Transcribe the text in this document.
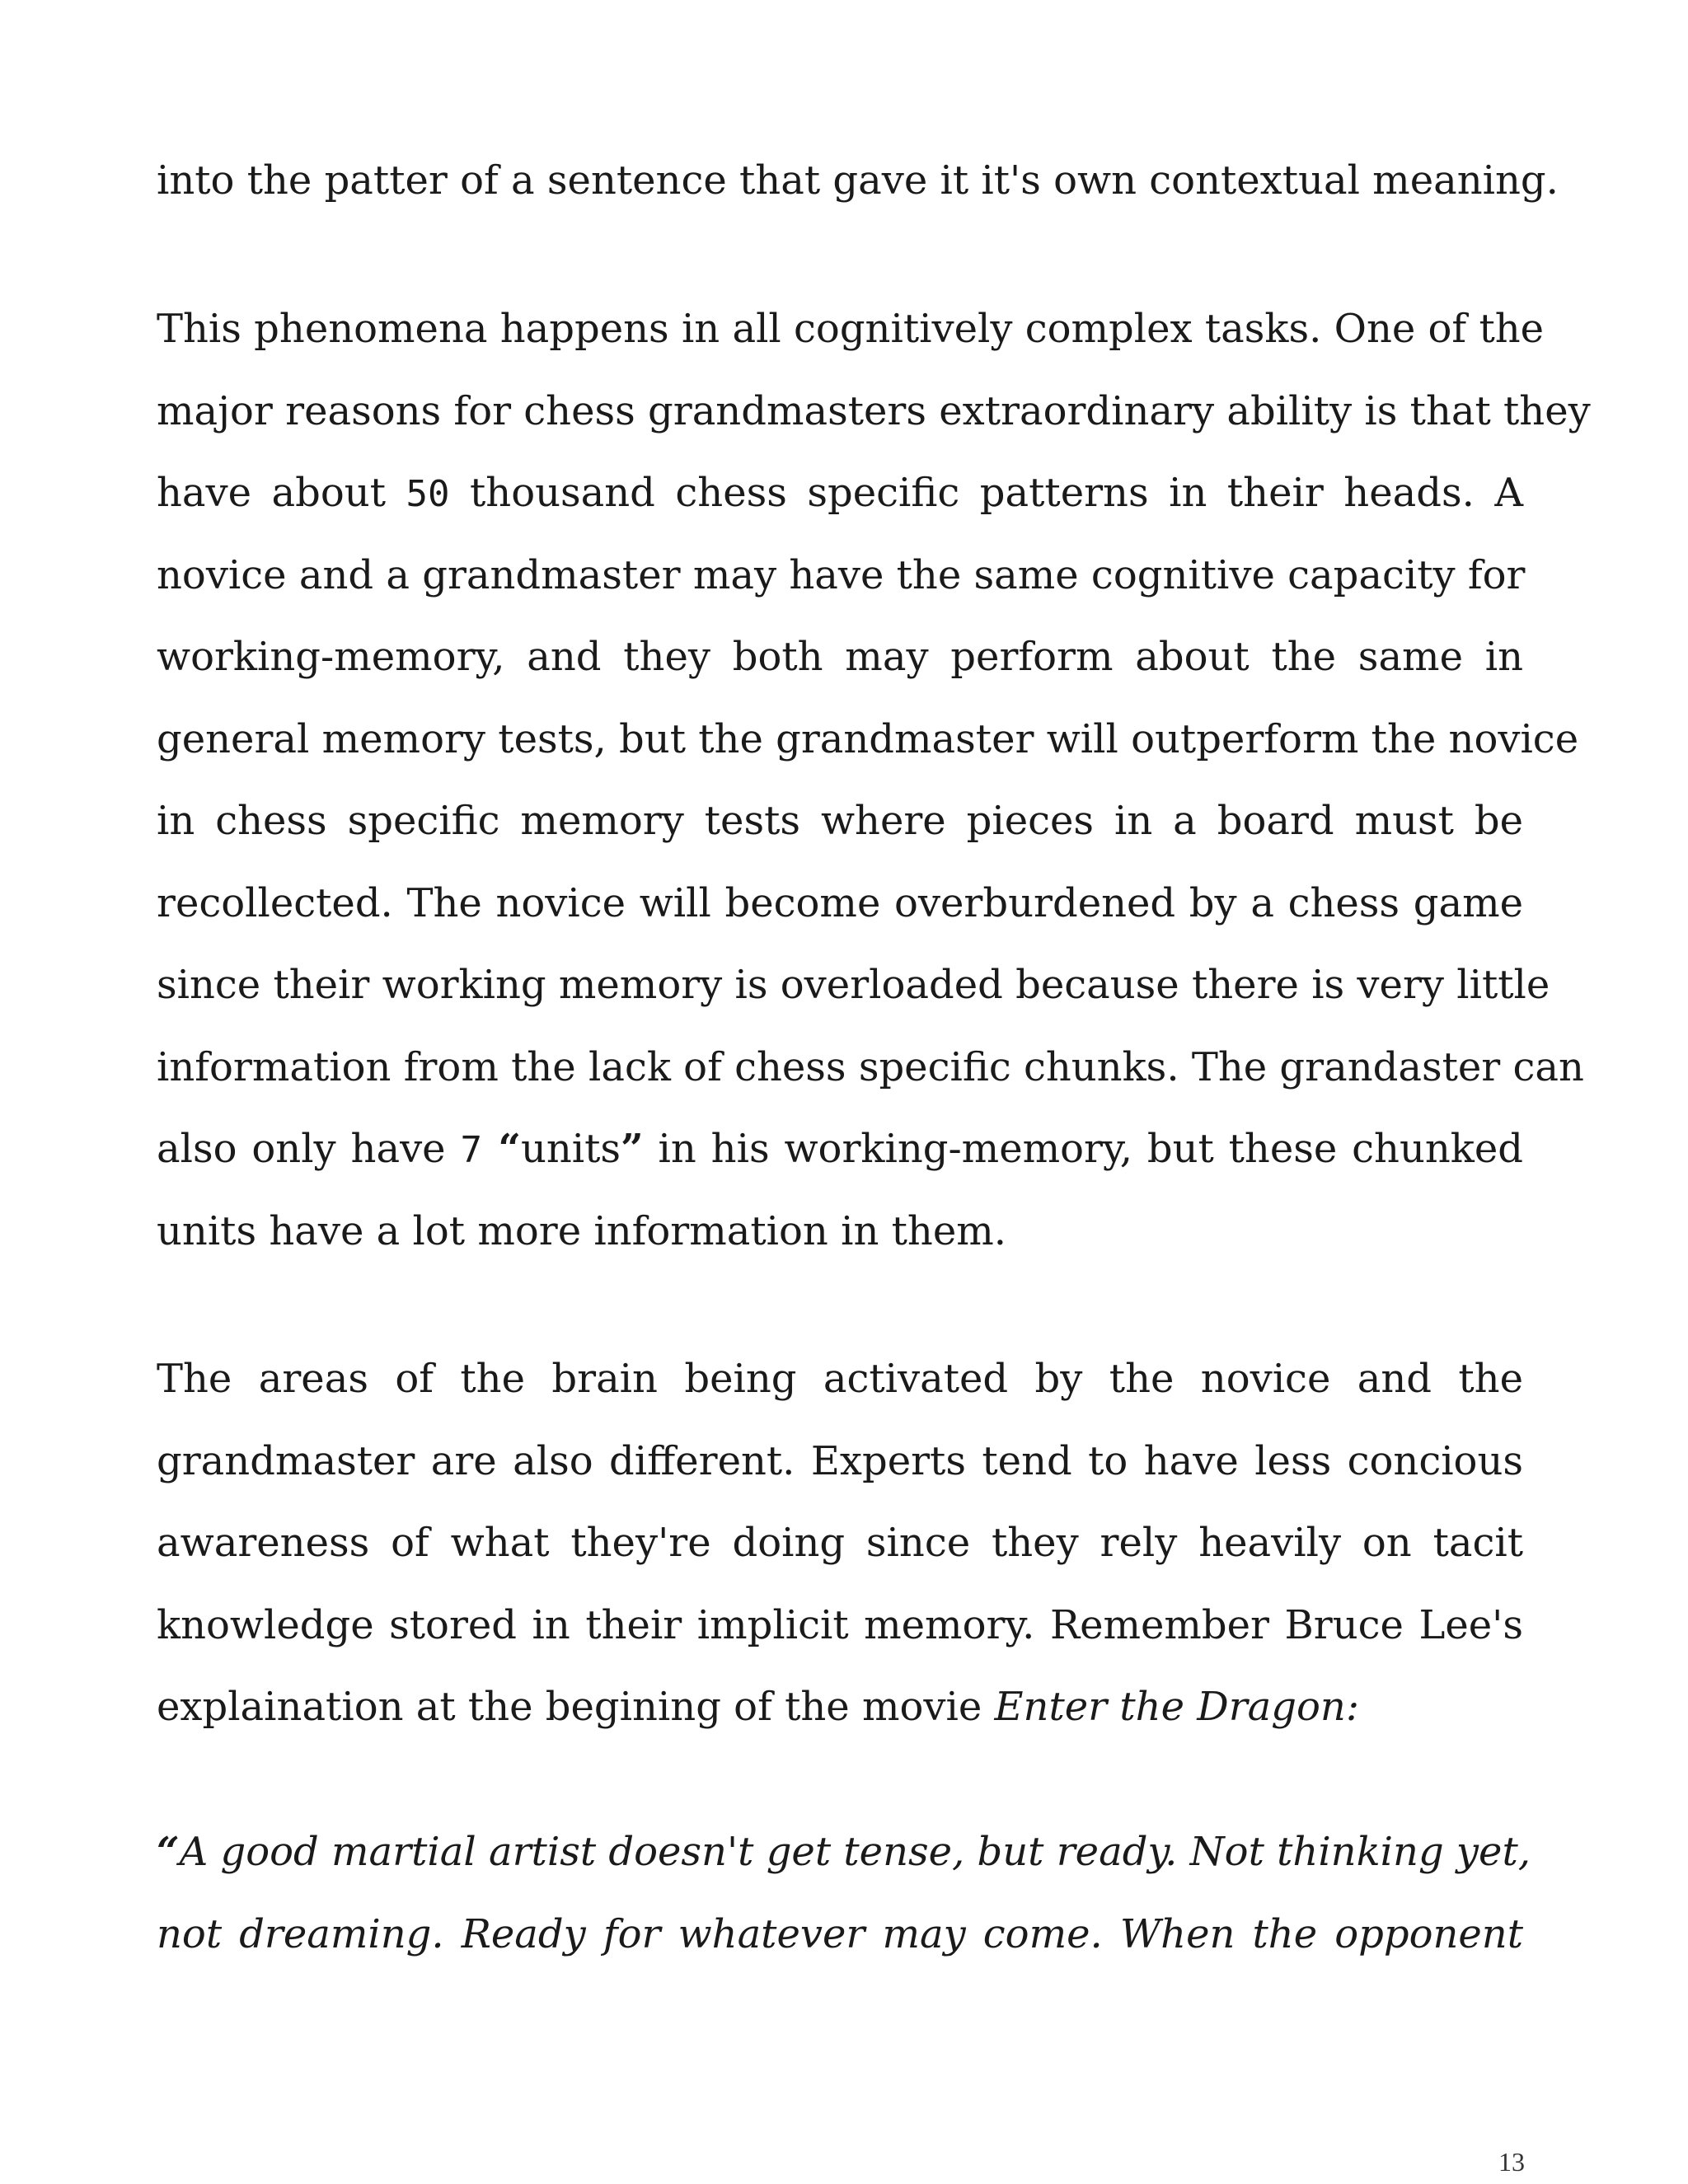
into the patter of a sentence that gave it it's own contextual meaning.

This phenomena happens in all cognitively complex tasks. One of the
major reasons for chess grandmasters extraordinary ability is that they
have about 50 thousand chess specific patterns in their heads. A
novice and a grandmaster may have the same cognitive capacity for
working-memory, and they both may perform about the same in
general memory tests, but the grandmaster will outperform the novice
in chess specific memory tests where pieces in a board must be
recollected. The novice will become overburdened by a chess game
since their working memory is overloaded because there is very little
information from the lack of chess specific chunks. The grandaster can
also only have 7 “units” in his working-memory, but these chunked
units have a lot more information in them.

The areas of the brain being activated by the novice and the
grandmaster are also different. Experts tend to have less concious
awareness of what they're doing since they rely heavily on tacit
knowledge stored in their implicit memory. Remember Bruce Lee's
explaination at the begining of the movie Enter the Dragon:

“A good martial artist doesn't get tense, but ready. Not thinking yet,
not dreaming. Ready for whatever may come. When the opponent

13
